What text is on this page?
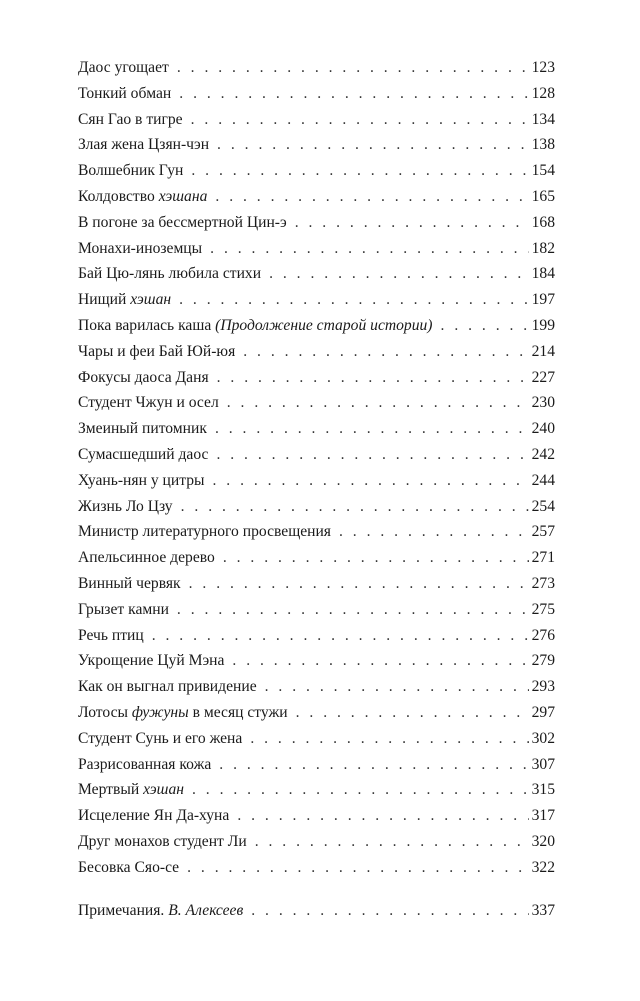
Даос угощает . . .	123
Тонкий обман . . .	128
Сян Гао в тигре . . .	134
Злая жена Цзян-чэн . . .	138
Волшебник Гун . . .	154
Колдовство хэшана . . .	165
В погоне за бессмертной Цин-э . . .	168
Монахи-иноземцы . . .	182
Бай Цю-лянь любила стихи . . .	184
Нищий хэшан . . .	197
Пока варилась каша (Продолжение старой истории) . . .	199
Чары и феи Бай Юй-юя . . .	214
Фокусы даоса Даня . . .	227
Студент Чжун и осел . . .	230
Змеиный питомник . . .	240
Сумасшедший даос . . .	242
Хуань-нян у цитры . . .	244
Жизнь Ло Цзу . . .	254
Министр литературного просвещения . . .	257
Апельсинное дерево . . .	271
Винный червяк . . .	273
Грызет камни . . .	275
Речь птиц . . .	276
Укрощение Цуй Мэна . . .	279
Как он выгнал привидение . . .	293
Лотосы фужуны в месяц стужи . . .	297
Студент Сунь и его жена . . .	302
Разрисованная кожа . . .	307
Мертвый хэшан . . .	315
Исцеление Ян Да-хуна . . .	317
Друг монахов студент Ли . . .	320
Бесовка Сяо-се . . .	322
Примечания. В. Алексеев . . .	337
